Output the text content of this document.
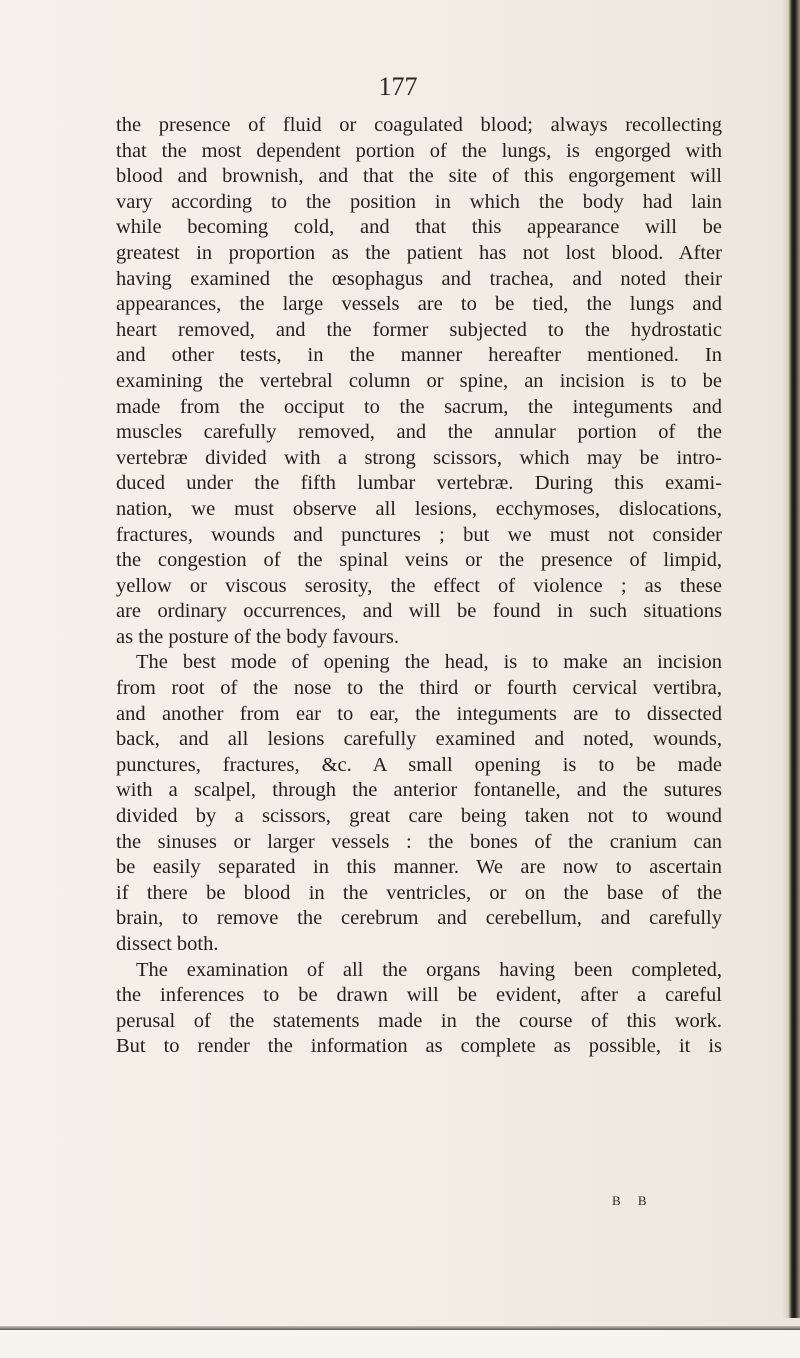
177
the presence of fluid or coagulated blood; always recollecting
that the most dependent portion of the lungs, is engorged with
blood and brownish, and that the site of this engorgement will
vary according to the position in which the body had lain
while becoming cold, and that this appearance will be
greatest in proportion as the patient has not lost blood. After
having examined the œsophagus and trachea, and noted their
appearances, the large vessels are to be tied, the lungs and
heart removed, and the former subjected to the hydrostatic
and other tests, in the manner hereafter mentioned. In
examining the vertebral column or spine, an incision is to be
made from the occiput to the sacrum, the integuments and
muscles carefully removed, and the annular portion of the
vertebræ divided with a strong scissors, which may be intro-
duced under the fifth lumbar vertebræ. During this exami-
nation, we must observe all lesions, ecchymoses, dislocations,
fractures, wounds and punctures ; but we must not consider
the congestion of the spinal veins or the presence of limpid,
yellow or viscous serosity, the effect of violence ; as these
are ordinary occurrences, and will be found in such situations
as the posture of the body favours.
The best mode of opening the head, is to make an incision
from root of the nose to the third or fourth cervical vertibra,
and another from ear to ear, the integuments are to dissected
back, and all lesions carefully examined and noted, wounds,
punctures, fractures, &c. A small opening is to be made
with a scalpel, through the anterior fontanelle, and the sutures
divided by a scissors, great care being taken not to wound
the sinuses or larger vessels : the bones of the cranium can
be easily separated in this manner. We are now to ascertain
if there be blood in the ventricles, or on the base of the
brain, to remove the cerebrum and cerebellum, and carefully
dissect both.
The examination of all the organs having been completed,
the inferences to be drawn will be evident, after a careful
perusal of the statements made in the course of this work.
But to render the information as complete as possible, it is
B B
